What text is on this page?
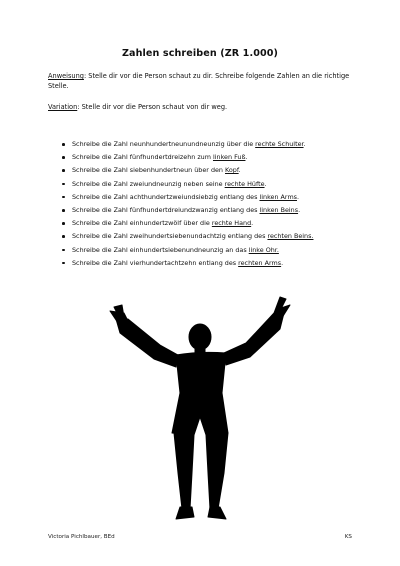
Zahlen schreiben (ZR 1.000)
Anweisung: Stelle dir vor die Person schaut zu dir. Schreibe folgende Zahlen an die richtige Stelle.
Variation: Stelle dir vor die Person schaut von dir weg.
Schreibe die Zahl neunhundertneunundneunzig über die rechte Schulter.
Schreibe die Zahl fünfhundertdreizehn zum linken Fuß.
Schreibe die Zahl siebenhundertneun über den Kopf.
Schreibe die Zahl zweiundneunzig neben seine rechte Hüfte.
Schreibe die Zahl achthundertzweiundsiebzig entlang des linken Arms.
Schreibe die Zahl fünfhundertdreiundzwanzig entlang des linken Beins.
Schreibe die Zahl einhundertzwölf über die rechte Hand.
Schreibe die Zahl zweihundertsiebenundachtzig entlang des rechten Beins.
Schreibe die Zahl einhundertsiebenundneunzig an das linke Ohr.
Schreibe die Zahl vierhundertachtzehn entlang des rechten Arms.
Victoria Pichlbauer, BEd	KS
